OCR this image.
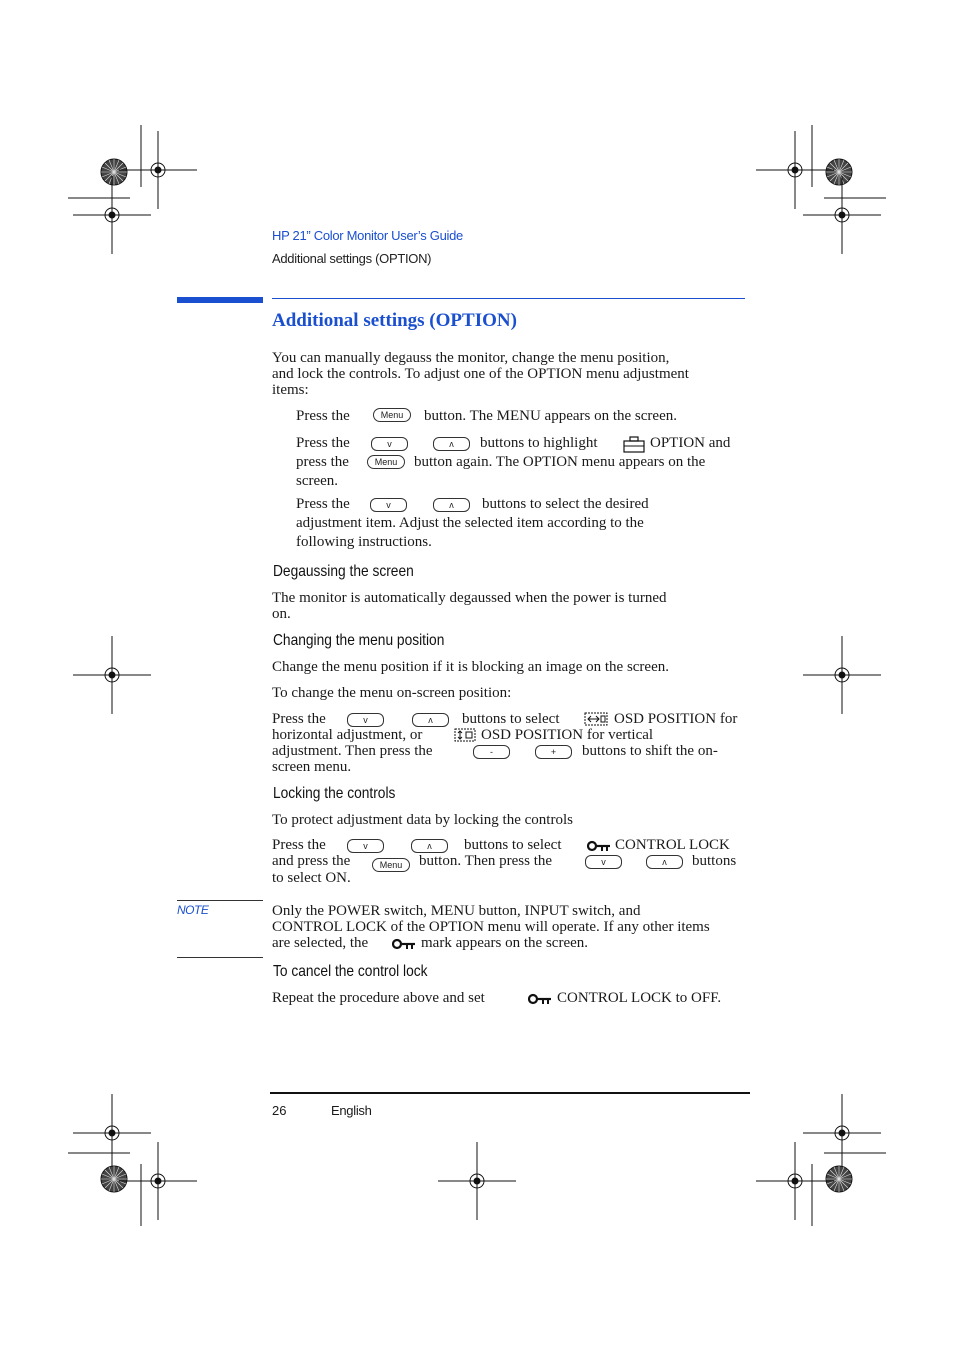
HP 21” Color Monitor User’s Guide
Additional settings (OPTION)
Additional settings (OPTION)
You can manually degauss the monitor, change the menu position,
and lock the controls. To adjust one of the OPTION menu adjustment
items:
Press the	Menu	button. The MENU appears on the screen.
Press the	v	ʌ	buttons to highlight	OPTION and
press the	Menu	button again. The OPTION menu appears on the
screen.
Press the	v	ʌ	buttons to select the desired
adjustment item. Adjust the selected item according to the
following instructions.
Degaussing the screen
The monitor is automatically degaussed when the power is turned
on.
Changing the menu position
Change the menu position if it is blocking an image on the screen.
To change the menu on-screen position:
Press the	v	ʌ	buttons to select	OSD POSITION for
horizontal adjustment, or	OSD POSITION for vertical
adjustment. Then press the	-	+	buttons to shift the on-
screen menu.
Locking the controls
To protect adjustment data by locking the controls
Press the	v	ʌ	buttons to select	CONTROL LOCK
and press the	Menu	button. Then press the	v	ʌ	buttons
to select ON.
NOTE	Only the POWER switch, MENU button, INPUT switch, and
CONTROL LOCK of the OPTION menu will operate. If any other items
are selected, the	mark appears on the screen.
To cancel the control lock
Repeat the procedure above and set	CONTROL LOCK to OFF.
26	English
